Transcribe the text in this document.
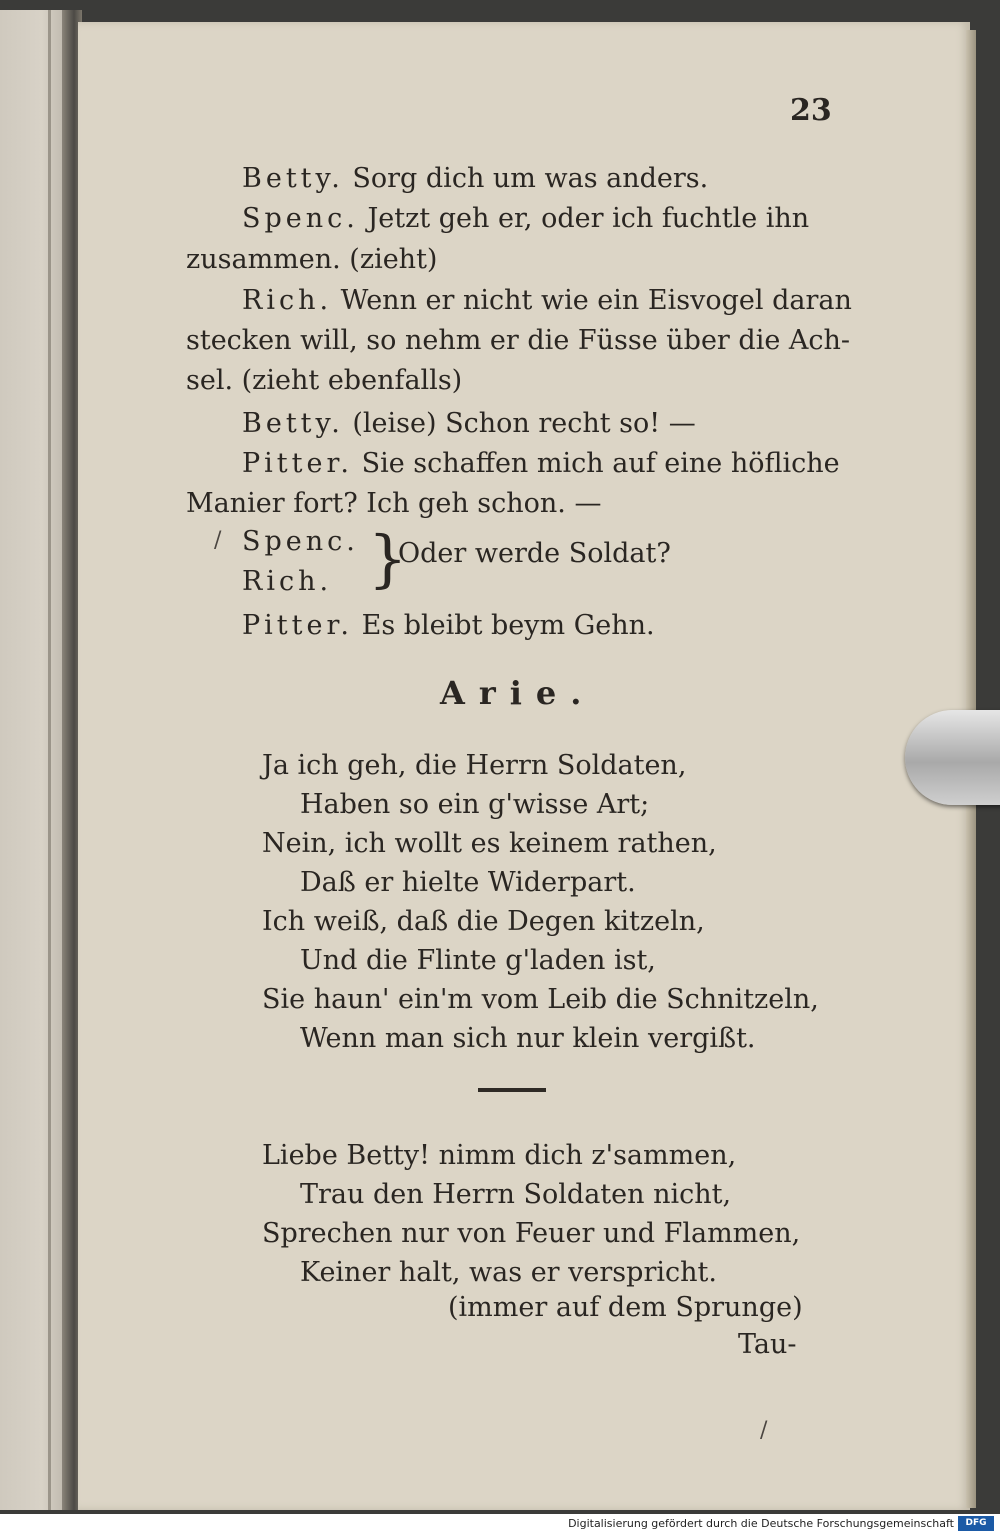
23
Betty. Sorg dich um was anders.
Spenc. Jetzt geh er, oder ich fuchtle ihn
zusammen. (zieht)
Rich. Wenn er nicht wie ein Eisvogel daran
stecken will, so nehm er die Füsse über die Ach-
sel. (zieht ebenfalls)
Betty. (leise) Schon recht so! —
Pitter. Sie schaffen mich auf eine höfliche
Manier fort? Ich geh schon. —
Spenc.
Rich. }
Oder werde Soldat?
/
Pitter. Es bleibt beym Gehn.
Arie.
Ja ich geh, die Herrn Soldaten,
Haben so ein g'wisse Art;
Nein, ich wollt es keinem rathen,
Daß er hielte Widerpart.
Ich weiß, daß die Degen kitzeln,
Und die Flinte g'laden ist,
Sie haun' ein'm vom Leib die Schnitzeln,
Wenn man sich nur klein vergißt.
Liebe Betty! nimm dich z'sammen,
Trau den Herrn Soldaten nicht,
Sprechen nur von Feuer und Flammen,
Keiner halt, was er verspricht.
(immer auf dem Sprunge)
Tau-
/
Digitalisierung gefördert durch die Deutsche Forschungsgemeinschaft	DFG
